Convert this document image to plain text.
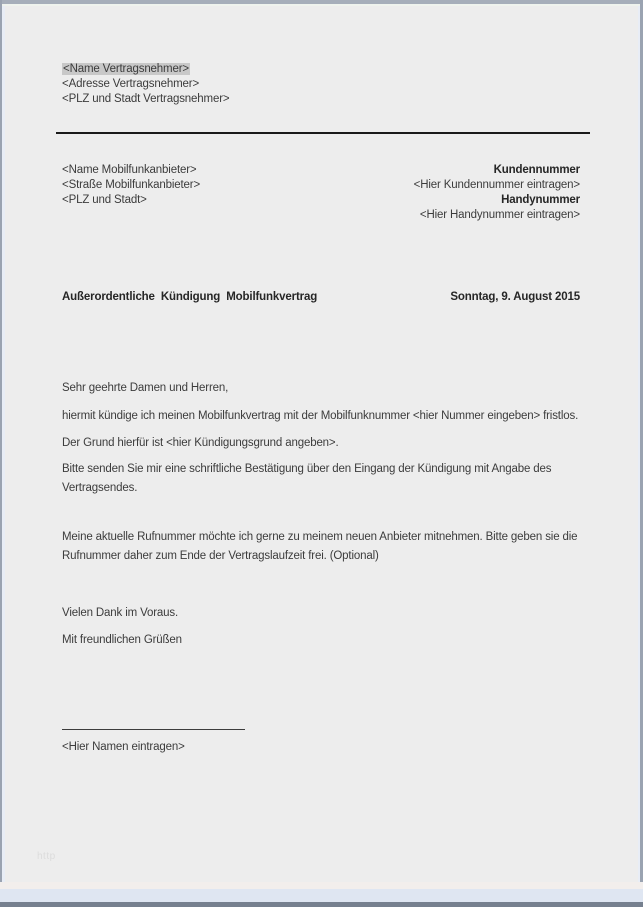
<Name Vertragsnehmer>
<Adresse Vertragsnehmer>
<PLZ und Stadt Vertragsnehmer>
<Name Mobilfunkanbieter>
<Straße Mobilfunkanbieter>
<PLZ und Stadt>
Kundennummer
<Hier Kundennummer eintragen>
Handynummer
<Hier Handynummer eintragen>
Außerordentliche Kündigung Mobilfunkvertrag	Sonntag, 9. August 2015
Sehr geehrte Damen und Herren,
hiermit kündige ich meinen Mobilfunkvertrag mit der Mobilfunknummer <hier Nummer eingeben> fristlos.
Der Grund hierfür ist <hier Kündigungsgrund angeben>.
Bitte senden Sie mir eine schriftliche Bestätigung über den Eingang der Kündigung mit Angabe des Vertragsendes.
Meine aktuelle Rufnummer möchte ich gerne zu meinem neuen Anbieter mitnehmen. Bitte geben sie die Rufnummer daher zum Ende der Vertragslaufzeit frei. (Optional)
Vielen Dank im Voraus.
Mit freundlichen Grüßen
<Hier Namen eintragen>
http
